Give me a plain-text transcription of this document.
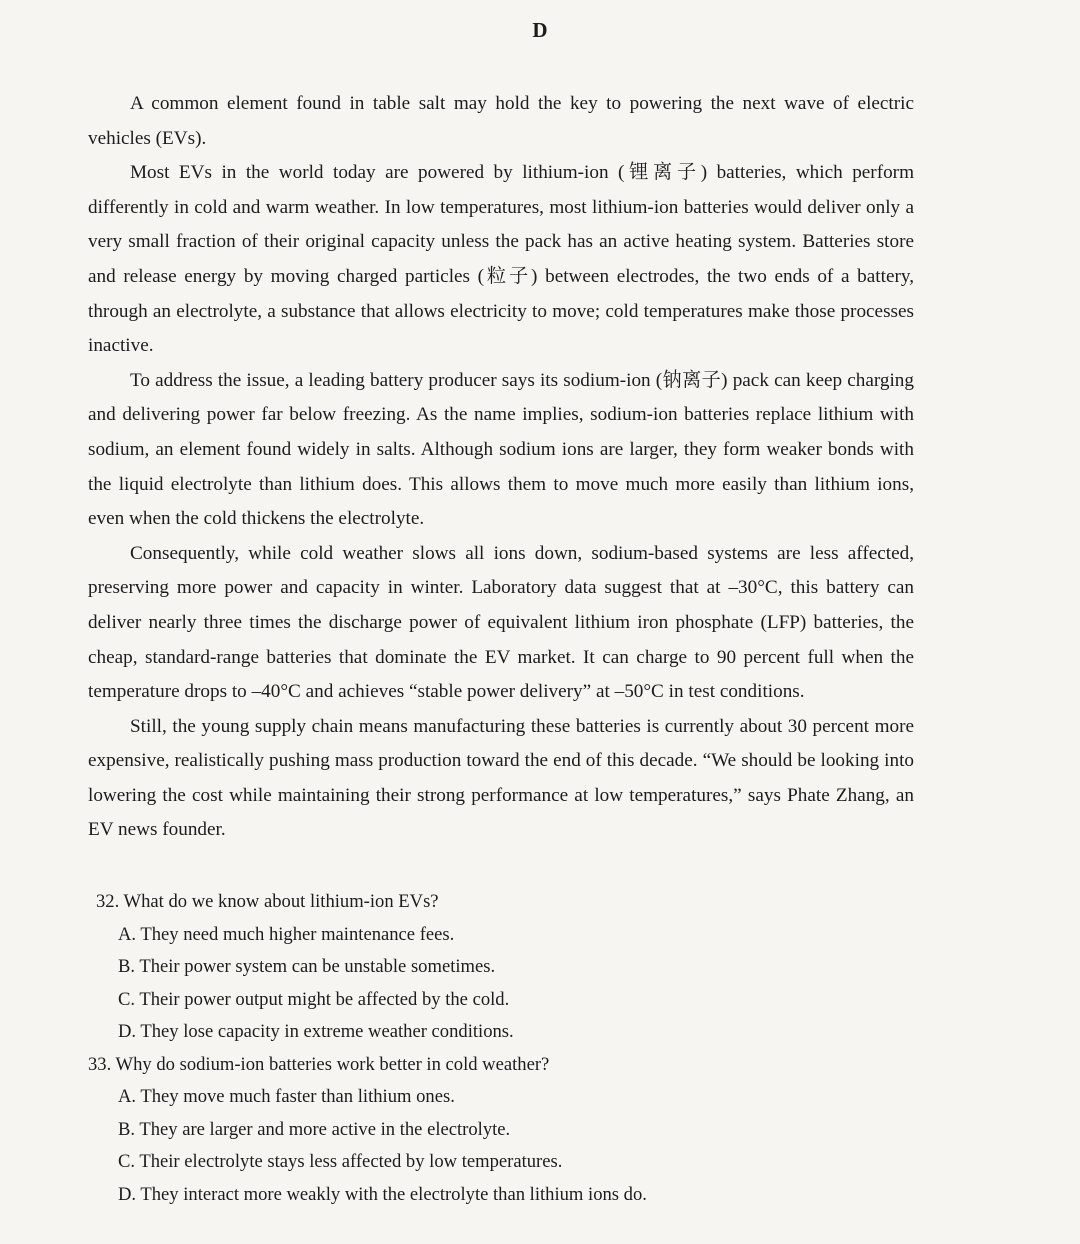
D

A common element found in table salt may hold the key to powering the next wave of electric vehicles (EVs).

Most EVs in the world today are powered by lithium-ion (锂离子) batteries, which perform differently in cold and warm weather. In low temperatures, most lithium-ion batteries would deliver only a very small fraction of their original capacity unless the pack has an active heating system. Batteries store and release energy by moving charged particles (粒子) between electrodes, the two ends of a battery, through an electrolyte, a substance that allows electricity to move; cold temperatures make those processes inactive.

To address the issue, a leading battery producer says its sodium-ion (钠离子) pack can keep charging and delivering power far below freezing. As the name implies, sodium-ion batteries replace lithium with sodium, an element found widely in salts. Although sodium ions are larger, they form weaker bonds with the liquid electrolyte than lithium does. This allows them to move much more easily than lithium ions, even when the cold thickens the electrolyte.

Consequently, while cold weather slows all ions down, sodium-based systems are less affected, preserving more power and capacity in winter. Laboratory data suggest that at –30°C, this battery can deliver nearly three times the discharge power of equivalent lithium iron phosphate (LFP) batteries, the cheap, standard-range batteries that dominate the EV market. It can charge to 90 percent full when the temperature drops to –40°C and achieves “stable power delivery” at –50°C in test conditions.

Still, the young supply chain means manufacturing these batteries is currently about 30 percent more expensive, realistically pushing mass production toward the end of this decade. “We should be looking into lowering the cost while maintaining their strong performance at low temperatures,” says Phate Zhang, an EV news founder.

32. What do we know about lithium-ion EVs?

A. They need much higher maintenance fees.

B. Their power system can be unstable sometimes.

C. Their power output might be affected by the cold.

D. They lose capacity in extreme weather conditions.

33. Why do sodium-ion batteries work better in cold weather?

A. They move much faster than lithium ones.

B. They are larger and more active in the electrolyte.

C. Their electrolyte stays less affected by low temperatures.

D. They interact more weakly with the electrolyte than lithium ions do.
